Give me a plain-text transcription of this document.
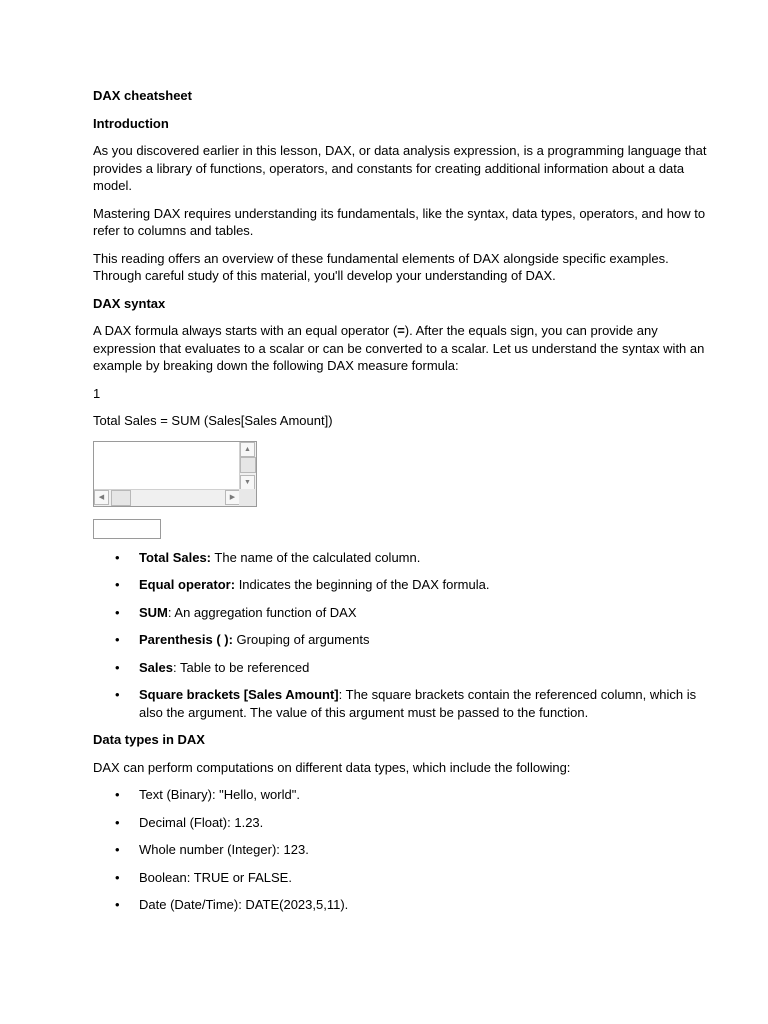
DAX cheatsheet

Introduction

As you discovered earlier in this lesson, DAX, or data analysis expression, is a programming language that provides a library of functions, operators, and constants for creating additional information about a data model.

Mastering DAX requires understanding its fundamentals, like the syntax, data types, operators, and how to refer to columns and tables.

This reading offers an overview of these fundamental elements of DAX alongside specific examples. Through careful study of this material, you'll develop your understanding of DAX.

DAX syntax

A DAX formula always starts with an equal operator (=). After the equals sign, you can provide any expression that evaluates to a scalar or can be converted to a scalar. Let us understand the syntax with an example by breaking down the following DAX measure formula:

1

Total Sales = SUM (Sales[Sales Amount])

▲
▼
◀	▶
• Total Sales: The name of the calculated column.
• Equal operator: Indicates the beginning of the DAX formula.
• SUM: An aggregation function of DAX
• Parenthesis ( ): Grouping of arguments
• Sales: Table to be referenced
• Square brackets [Sales Amount]: The square brackets contain the referenced column, which is also the argument. The value of this argument must be passed to the function.

Data types in DAX

DAX can perform computations on different data types, which include the following:

• Text (Binary): "Hello, world".
• Decimal (Float): 1.23.
• Whole number (Integer): 123.
• Boolean: TRUE or FALSE.
• Date (Date/Time): DATE(2023,5,11).
